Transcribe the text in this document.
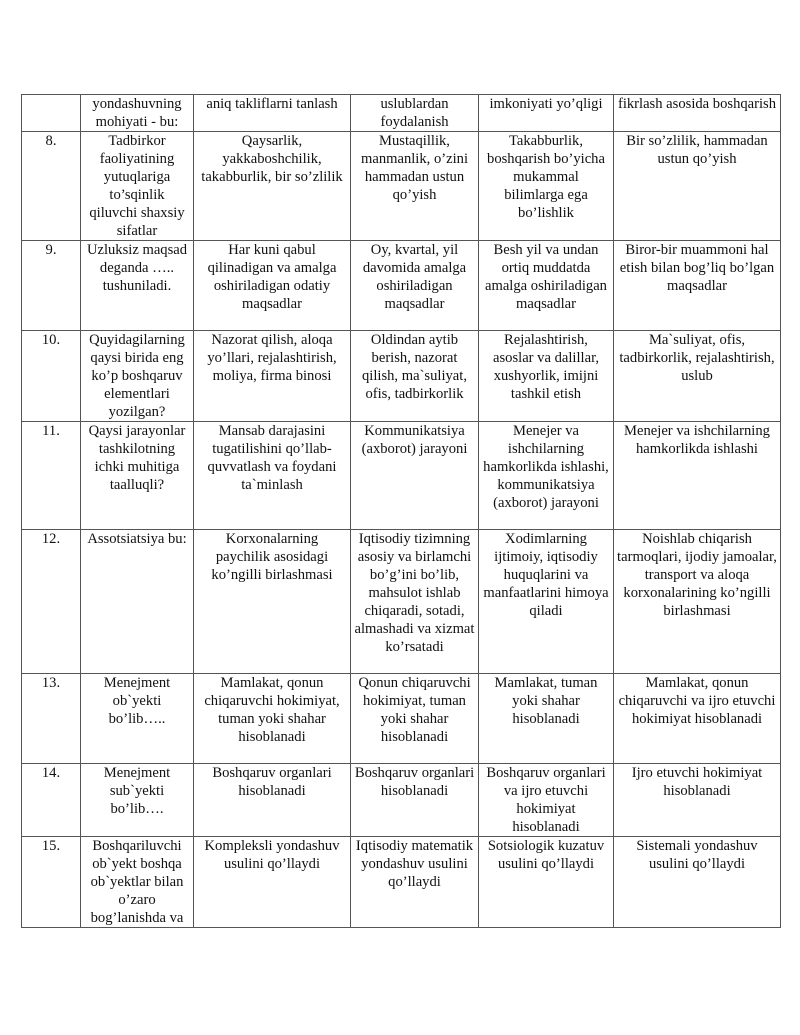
	yondashuvning mohiyati - bu:	aniq takliflarni tanlash	uslublardan foydalanish	imkoniyati yo’qligi	fikrlash asosida boshqarish
8.	Tadbirkor faoliyatining yutuqlariga to’sqinlik qiluvchi shaxsiy sifatlar	Qaysarlik, yakkaboshchilik, takabburlik, bir so’zlilik	Mustaqillik, manmanlik, o’zini hammadan ustun qo’yish	Takabburlik, boshqarish bo’yicha mukammal bilimlarga ega bo’lishlik	Bir so’zlilik, hammadan ustun qo’yish
9.	Uzluksiz maqsad deganda ….. tushuniladi.	Har kuni qabul qilinadigan va amalga oshiriladigan odatiy maqsadlar	Oy, kvartal, yil davomida amalga oshiriladigan maqsadlar	Besh yil va undan ortiq muddatda amalga oshiriladigan maqsadlar	Biror-bir muammoni hal etish bilan bog’liq bo’lgan maqsadlar
10.	Quyidagilarning qaysi birida eng ko’p boshqaruv elementlari yozilgan?	Nazorat qilish, aloqa yo’llari, rejalashtirish, moliya, firma binosi	Oldindan aytib berish, nazorat qilish, ma`suliyat, ofis, tadbirkorlik	Rejalashtirish, asoslar va dalillar, xushyorlik, imijni tashkil etish	Ma`suliyat, ofis, tadbirkorlik, rejalashtirish, uslub
11.	Qaysi jarayonlar tashkilotning ichki muhitiga taalluqli?	Mansab darajasini tugatilishini qo’llab-quvvatlash va foydani ta`minlash	Kommunikatsiya (axborot) jarayoni	Menejer va ishchilarning hamkorlikda ishlashi, kommunikatsiya (axborot) jarayoni	Menejer va ishchilarning hamkorlikda ishlashi
12.	Assotsiatsiya bu:	Korxonalarning paychilik asosidagi ko’ngilli birlashmasi	Iqtisodiy tizimning asosiy va birlamchi bo’g’ini bo’lib, mahsulot ishlab chiqaradi, sotadi, almashadi va xizmat ko’rsatadi	Xodimlarning ijtimoiy, iqtisodiy huquqlarini va manfaatlarini himoya qiladi	Noishlab chiqarish tarmoqlari, ijodiy jamoalar, transport va aloqa korxonalarining ko’ngilli birlashmasi
13.	Menejment ob`yekti bo’lib…..	Mamlakat, qonun chiqaruvchi hokimiyat, tuman yoki shahar hisoblanadi	Qonun chiqaruvchi hokimiyat, tuman yoki shahar hisoblanadi	Mamlakat, tuman yoki shahar hisoblanadi	Mamlakat, qonun chiqaruvchi va ijro etuvchi hokimiyat hisoblanadi
14.	Menejment sub`yekti bo’lib….	Boshqaruv organlari hisoblanadi	Boshqaruv organlari hisoblanadi	Boshqaruv organlari va ijro etuvchi hokimiyat hisoblanadi	Ijro etuvchi hokimiyat hisoblanadi
15.	Boshqariluvchi ob`yekt boshqa ob`yektlar bilan o’zaro bog’lanishda va	Kompleksli yondashuv usulini qo’llaydi	Iqtisodiy matematik yondashuv usulini qo’llaydi	Sotsiologik kuzatuv usulini qo’llaydi	Sistemali yondashuv usulini qo’llaydi
